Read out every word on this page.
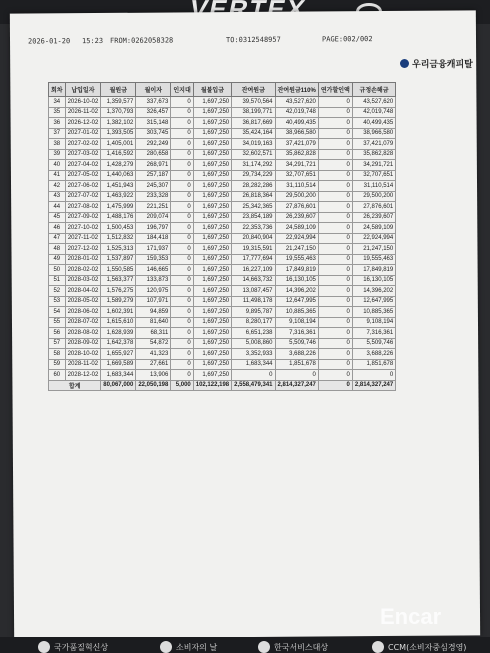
2026-01-20 15:23 FROM:0262058328	TO:0312548957	PAGE:002/002
우리금융캐피탈
회차	납입일자	월원금	월이자	인지대	월불입금	잔여원금	잔여원금110%	연가할인액	규정손해금
34	2026-10-02	1,359,577	337,673	0	1,697,250	39,570,564	43,527,620	0	43,527,620
35	2026-11-02	1,370,793	326,457	0	1,697,250	38,199,771	42,019,748	0	42,019,748
36	2026-12-02	1,382,102	315,148	0	1,697,250	36,817,669	40,499,435	0	40,499,435
37	2027-01-02	1,393,505	303,745	0	1,697,250	35,424,164	38,966,580	0	38,966,580
38	2027-02-02	1,405,001	292,249	0	1,697,250	34,019,163	37,421,079	0	37,421,079
39	2027-03-02	1,416,592	280,658	0	1,697,250	32,602,571	35,862,828	0	35,862,828
40	2027-04-02	1,428,279	268,971	0	1,697,250	31,174,292	34,291,721	0	34,291,721
41	2027-05-02	1,440,063	257,187	0	1,697,250	29,734,229	32,707,651	0	32,707,651
42	2027-06-02	1,451,943	245,307	0	1,697,250	28,282,286	31,110,514	0	31,110,514
43	2027-07-02	1,463,922	233,328	0	1,697,250	26,818,364	29,500,200	0	29,500,200
44	2027-08-02	1,475,999	221,251	0	1,697,250	25,342,365	27,876,601	0	27,876,601
45	2027-09-02	1,488,176	209,074	0	1,697,250	23,854,189	26,239,607	0	26,239,607
46	2027-10-02	1,500,453	196,797	0	1,697,250	22,353,736	24,589,109	0	24,589,109
47	2027-11-02	1,512,832	184,418	0	1,697,250	20,840,904	22,924,994	0	22,924,994
48	2027-12-02	1,525,313	171,937	0	1,697,250	19,315,591	21,247,150	0	21,247,150
49	2028-01-02	1,537,897	159,353	0	1,697,250	17,777,694	19,555,463	0	19,555,463
50	2028-02-02	1,550,585	146,665	0	1,697,250	16,227,109	17,849,819	0	17,849,819
51	2028-03-02	1,563,377	133,873	0	1,697,250	14,663,732	16,130,105	0	16,130,105
52	2028-04-02	1,576,275	120,975	0	1,697,250	13,087,457	14,396,202	0	14,396,202
53	2028-05-02	1,589,279	107,971	0	1,697,250	11,498,178	12,647,995	0	12,647,995
54	2028-06-02	1,602,391	94,859	0	1,697,250	9,895,787	10,885,365	0	10,885,365
55	2028-07-02	1,615,610	81,640	0	1,697,250	8,280,177	9,108,194	0	9,108,194
56	2028-08-02	1,628,939	68,311	0	1,697,250	6,651,238	7,316,361	0	7,316,361
57	2028-09-02	1,642,378	54,872	0	1,697,250	5,008,860	5,509,746	0	5,509,746
58	2028-10-02	1,655,927	41,323	0	1,697,250	3,352,933	3,688,226	0	3,688,226
59	2028-11-02	1,669,589	27,661	0	1,697,250	1,683,344	1,851,678	0	1,851,678
60	2028-12-02	1,683,344	13,906	0	1,697,250	0	0	0	0
합계		80,067,000	22,050,198	5,000	102,122,198	2,558,479,341	2,814,327,247	0	2,814,327,247
Encar
국가품질혁신상	소비자의 날	한국서비스대상	CCM(소비자중심경영)
